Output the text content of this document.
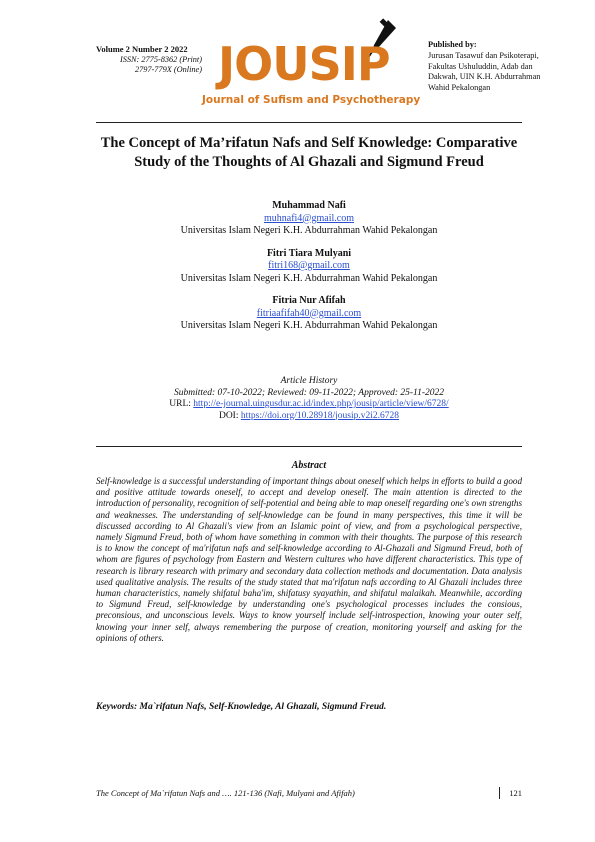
Volume 2 Number 2 2022
ISSN: 2775-8362 (Print)
2797-779X (Online) JOUSIP
Journal of Sufism and Psychotherapy
Published by:
Jurusan Tasawuf dan Psikoterapi, Fakultas Ushuluddin, Adab dan Dakwah, UIN K.H. Abdurrahman Wahid Pekalongan
The Concept of Ma’rifatun Nafs and Self Knowledge: Comparative Study of the Thoughts of Al Ghazali and Sigmund Freud
Muhammad Nafi
muhnafi4@gmail.com
Universitas Islam Negeri K.H. Abdurrahman Wahid Pekalongan
Fitri Tiara Mulyani
fitri168@gmail.com
Universitas Islam Negeri K.H. Abdurrahman Wahid Pekalongan
Fitria Nur Afifah
fitriaafifah40@gmail.com
Universitas Islam Negeri K.H. Abdurrahman Wahid Pekalongan
Article History
Submitted: 07-10-2022; Reviewed: 09-11-2022; Approved: 25-11-2022
URL: http://e-journal.uingusdur.ac.id/index.php/jousip/article/view/6728/
DOI: https://doi.org/10.28918/jousip.v2i2.6728
Abstract
Self-knowledge is a successful understanding of important things about oneself which helps in efforts to build a good and positive attitude towards oneself, to accept and develop oneself. The main attention is directed to the introduction of personality, recognition of self-potential and being able to map oneself regarding one's own strengths and weaknesses. The understanding of self-knowledge can be found in many perspectives, this time it will be discussed according to Al Ghazali's view from an Islamic point of view, and from a psychological perspective, namely Sigmund Freud, both of whom have something in common with their thoughts. The purpose of this research is to know the concept of ma'rifatun nafs and self-knowledge according to Al-Ghazali and Sigmund Freud, both of whom are figures of psychology from Eastern and Western cultures who have different characteristics. This type of research is library research with primary and secondary data collection methods and documentation. Data analysis used qualitative analysis. The results of the study stated that ma'rifatun nafs according to Al Ghazali includes three human characteristics, namely shifatul baha'im, shifatusy syayathin, and shifatul malaikah. Meanwhile, according to Sigmund Freud, self-knowledge by understanding one's psychological processes includes the consious, preconsious, and unconscious levels. Ways to know yourself include self-introspection, knowing your outer self, knowing your inner self, always remembering the purpose of creation, monitoring yourself and asking for the opinions of others.
Keywords: Ma`rifatun Nafs, Self-Knowledge, Al Ghazali, Sigmund Freud.
The Concept of Ma`rifatun Nafs and …. 121-136 (Nafi, Mulyani and Afifah)	121
